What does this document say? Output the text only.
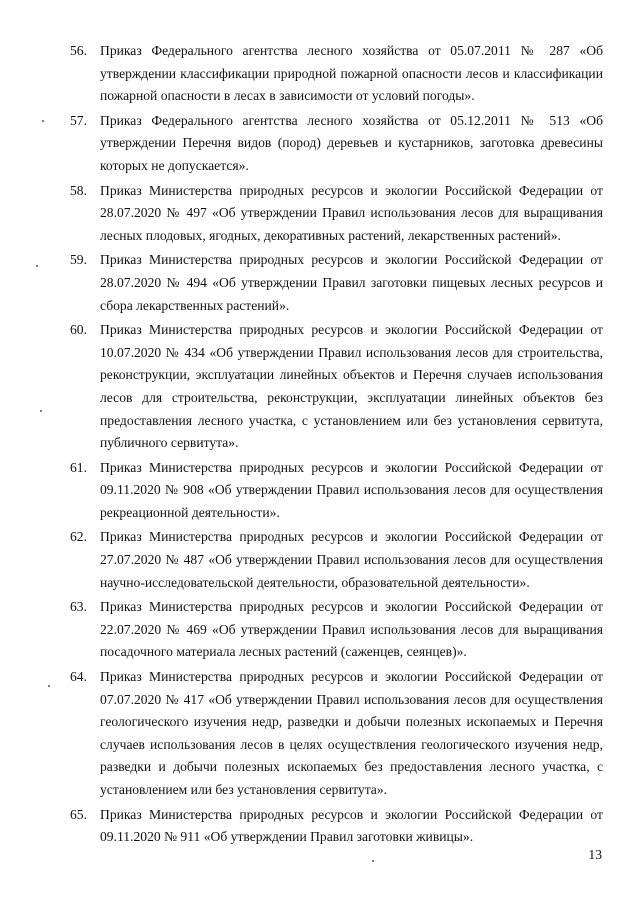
56. Приказ Федерального агентства лесного хозяйства от 05.07.2011 № 287 «Об утверждении классификации природной пожарной опасности лесов и классификации пожарной опасности в лесах в зависимости от условий погоды».
57. Приказ Федерального агентства лесного хозяйства от 05.12.2011 № 513 «Об утверждении Перечня видов (пород) деревьев и кустарников, заготовка древесины которых не допускается».
58. Приказ Министерства природных ресурсов и экологии Российской Федерации от 28.07.2020 № 497 «Об утверждении Правил использования лесов для выращивания лесных плодовых, ягодных, декоративных растений, лекарственных растений».
59. Приказ Министерства природных ресурсов и экологии Российской Федерации от 28.07.2020 № 494 «Об утверждении Правил заготовки пищевых лесных ресурсов и сбора лекарственных растений».
60. Приказ Министерства природных ресурсов и экологии Российской Федерации от 10.07.2020 № 434 «Об утверждении Правил использования лесов для строительства, реконструкции, эксплуатации линейных объектов и Перечня случаев использования лесов для строительства, реконструкции, эксплуатации линейных объектов без предоставления лесного участка, с установлением или без установления сервитута, публичного сервитута».
61. Приказ Министерства природных ресурсов и экологии Российской Федерации от 09.11.2020 № 908 «Об утверждении Правил использования лесов для осуществления рекреационной деятельности».
62. Приказ Министерства природных ресурсов и экологии Российской Федерации от 27.07.2020 № 487 «Об утверждении Правил использования лесов для осуществления научно-исследовательской деятельности, образовательной деятельности».
63. Приказ Министерства природных ресурсов и экологии Российской Федерации от 22.07.2020 № 469 «Об утверждении Правил использования лесов для выращивания посадочного материала лесных растений (саженцев, сеянцев)».
64. Приказ Министерства природных ресурсов и экологии Российской Федерации от 07.07.2020 № 417 «Об утверждении Правил использования лесов для осуществления геологического изучения недр, разведки и добычи полезных ископаемых и Перечня случаев использования лесов в целях осуществления геологического изучения недр, разведки и добычи полезных ископаемых без предоставления лесного участка, с установлением или без установления сервитута».
65. Приказ Министерства природных ресурсов и экологии Российской Федерации от 09.11.2020 № 911 «Об утверждении Правил заготовки живицы».
13
